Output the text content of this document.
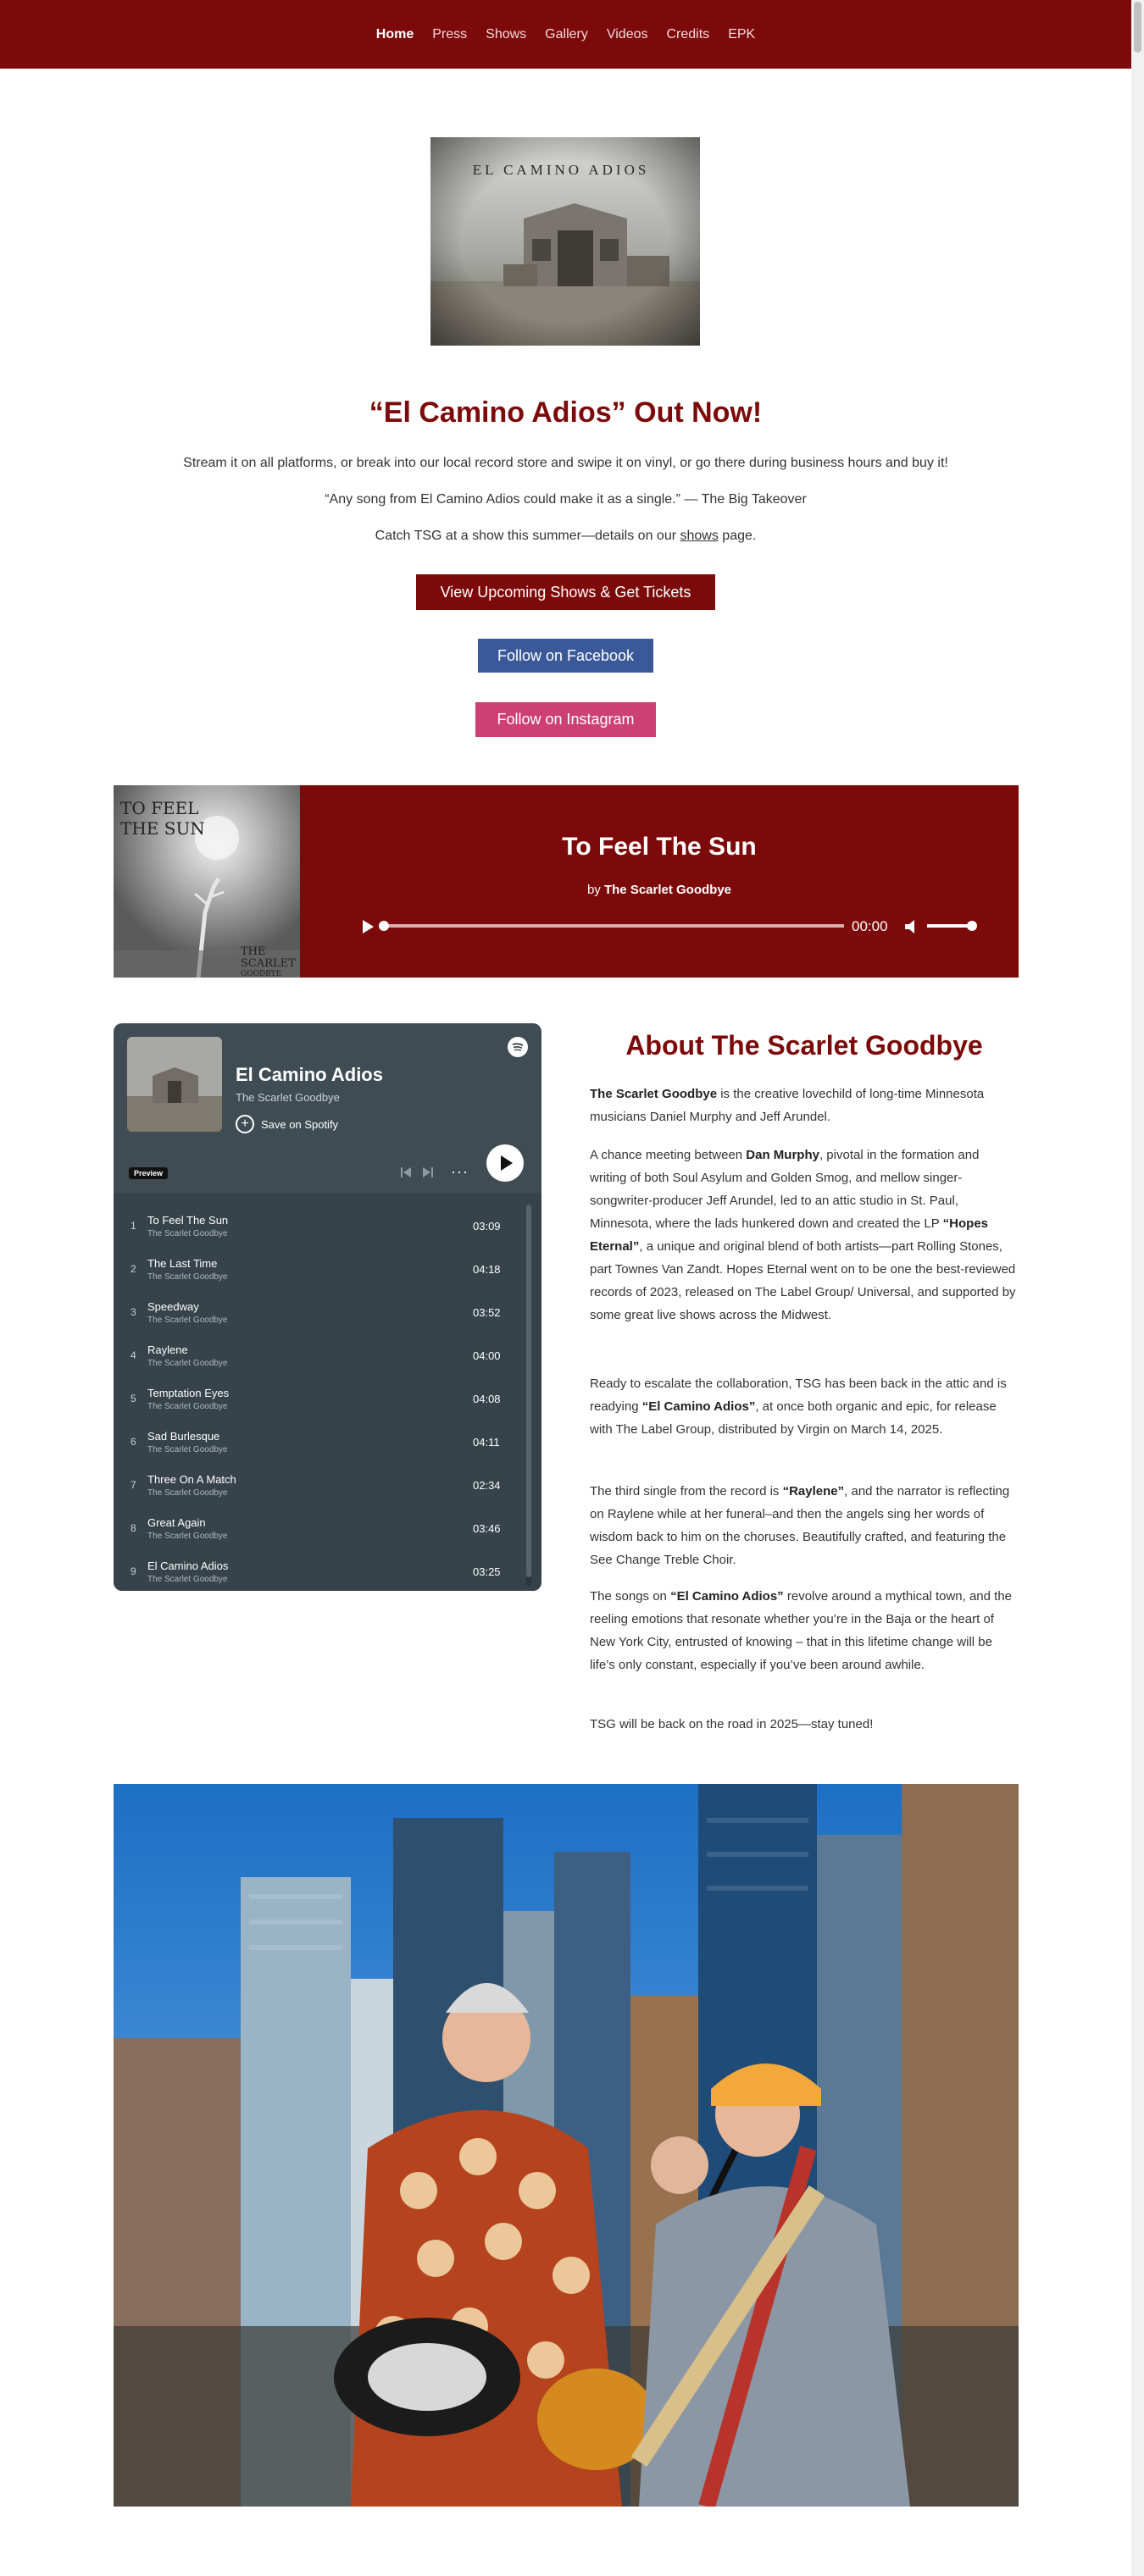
Home	Press	Shows	Gallery	Videos	Credits	EPK
EL CAMINO ADIOS
“El Camino Adios” Out Now!

Stream it on all platforms, or break into our local record store and swipe it on vinyl, or go there during business hours and buy it!

“Any song from El Camino Adios could make it as a single.” — The Big Takeover

Catch TSG at a show this summer—details on our shows page.

View Upcoming Shows & Get Tickets
Follow on Facebook
Follow on Instagram
TO FEEL
THE SUN
THE
SCARLET
GOODBYE
To Feel The Sun
by The Scarlet Goodbye
00:00
El Camino Adios
The Scarlet Goodbye
+	Save on Spotify
Preview	···
1 To Feel The Sun
The Scarlet Goodbye
03:09
2 The Last Time
The Scarlet Goodbye
04:18
3 Speedway
The Scarlet Goodbye
03:52
4 Raylene
The Scarlet Goodbye
04:00
5 Temptation Eyes
The Scarlet Goodbye
04:08
6 Sad Burlesque
The Scarlet Goodbye
04:11
7 Three On A Match
The Scarlet Goodbye
02:34
8 Great Again
The Scarlet Goodbye
03:46
9 El Camino Adios
The Scarlet Goodbye
03:25
About The Scarlet Goodbye

The Scarlet Goodbye is the creative lovechild of long-time Minnesota musicians Daniel Murphy and Jeff Arundel.

A chance meeting between Dan Murphy, pivotal in the formation and writing of both Soul Asylum and Golden Smog, and mellow singer-songwriter-producer Jeff Arundel, led to an attic studio in St. Paul, Minnesota, where the lads hunkered down and created the LP “Hopes Eternal”, a unique and original blend of both artists—part Rolling Stones, part Townes Van Zandt. Hopes Eternal went on to be one the best-reviewed records of 2023, released on The Label Group/ Universal, and supported by some great live shows across the Midwest.

Ready to escalate the collaboration, TSG has been back in the attic and is readying “El Camino Adios”, at once both organic and epic, for release with The Label Group, distributed by Virgin on March 14, 2025.

The third single from the record is “Raylene”, and the narrator is reflecting on Raylene while at her funeral–and then the angels sing her words of wisdom back to him on the choruses. Beautifully crafted, and featuring the See Change Treble Choir.

The songs on “El Camino Adios” revolve around a mythical town, and the reeling emotions that resonate whether you’re in the Baja or the heart of New York City, entrusted of knowing – that in this lifetime change will be life’s only constant, especially if you’ve been around awhile.

TSG will be back on the road in 2025—stay tuned!
